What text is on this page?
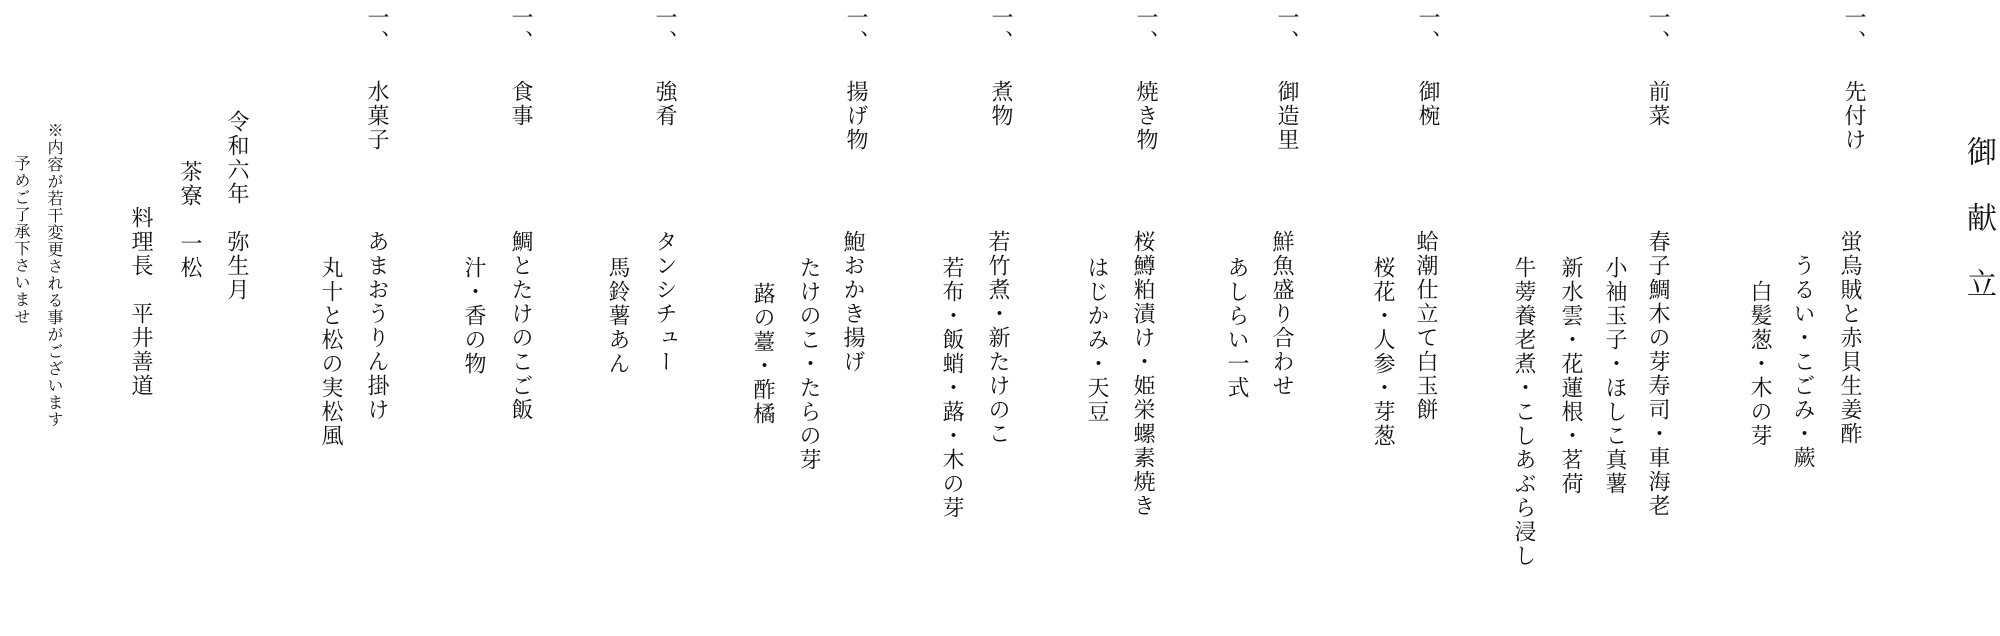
御献立
一、
先付け
蛍烏賊と赤貝生姜酢
うるい・こごみ・蕨
白髪葱・木の芽
一、
前菜
春子鯛木の芽寿司・車海老
小袖玉子・ほしこ真薯
新水雲・花蓮根・茗荷
牛蒡養老煮・こしあぶら浸し
一、
御椀
蛤潮仕立て白玉餅
桜花・人参・芽葱
一、
御造里
鮮魚盛り合わせ
あしらい一式
一、
焼き物
桜鱒粕漬け・姫栄螺素焼き
はじかみ・天豆
一、
煮物
若竹煮・新たけのこ
若布・飯蛸・蕗・木の芽
一、
揚げ物
鮑おかき揚げ
たけのこ・たらの芽
蕗の薹・酢橘
一、
強肴
タンシチュー
馬鈴薯あん
一、
食事
鯛とたけのこご飯
汁・香の物
一、
水菓子
あまおうりん掛け
丸十と松の実松風
令和六年　弥生月
茶寮　一松
料理長　平井善道
※内容が若干変更される事がございます
予めご了承下さいませ
